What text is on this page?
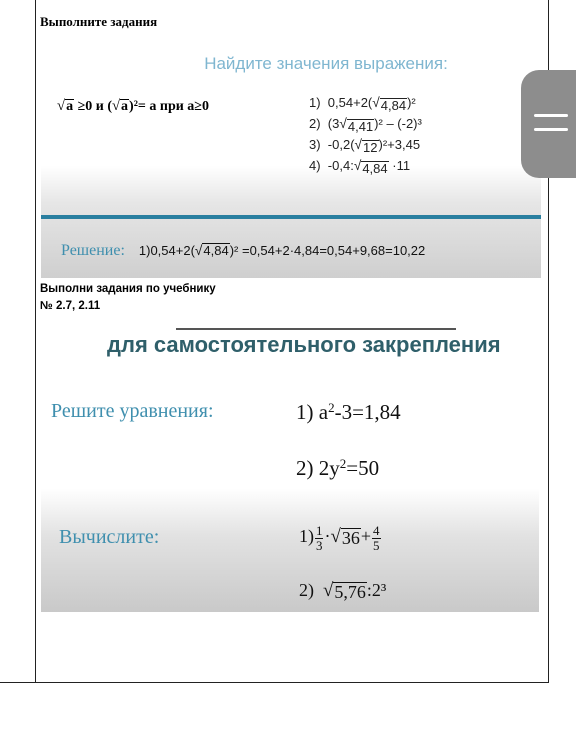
Выполните задания
Найдите значения выражения:
√ a ≥0 и ( √ a )²= a при a≥0	1) 0,54+2( √ 4,84 )²
2) (3 √ 4,41 )² – (-2)³
3) -0,2( √ 12 )²+3,45
4) -0,4: √ 4,84 ·11
Решение: 1)0,54+2( √ 4,84 )² =0,54+2·4,84=0,54+9,68=10,22
Выполни задания по учебнику
№ 2.7, 2.11
для самостоятельного закрепления
Решите уравнения:	1) $a^2-3=1,84$
2) $2y^2=50$
Вычислите:	$1) \frac{1}{3}$ · √ $36 + \frac{4}{5}$
2) √ 5,76 :2³
